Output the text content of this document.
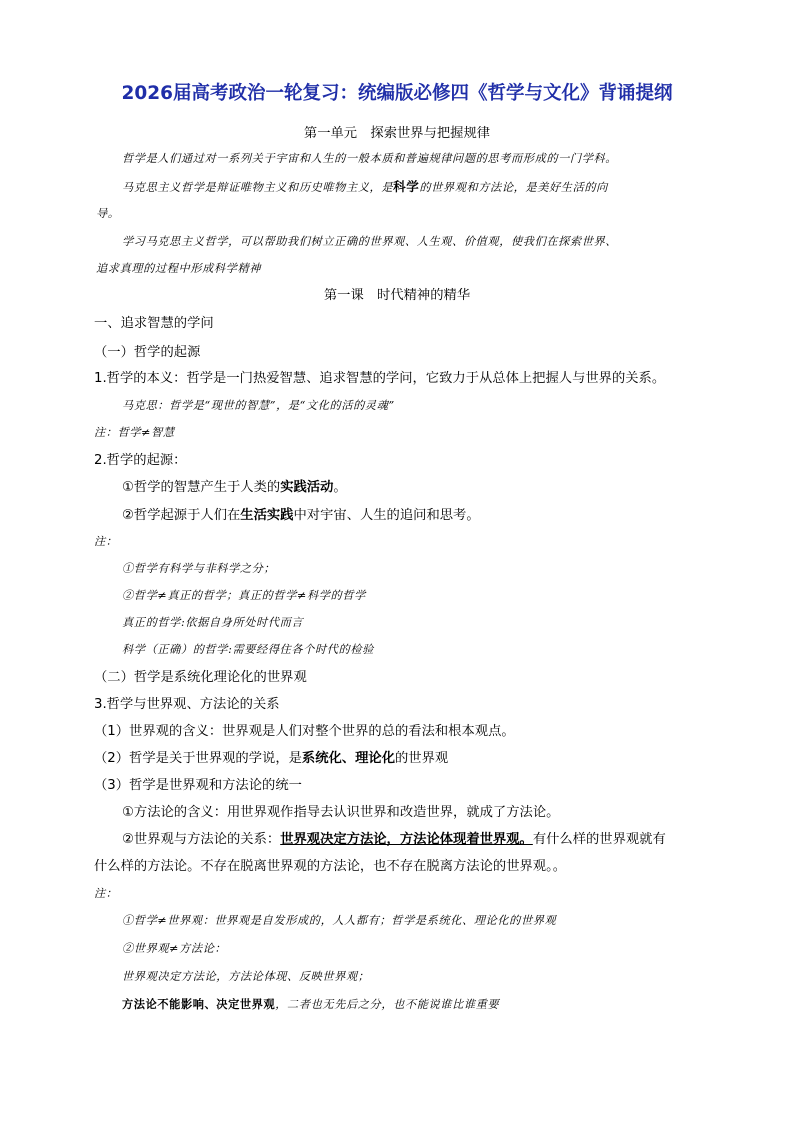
2026届高考政治一轮复习：统编版必修四《哲学与文化》背诵提纲
第一单元　探索世界与把握规律
哲学是人们通过对一系列关于宇宙和人生的一般本质和普遍规律问题的思考而形成的一门学科。
马克思主义哲学是辩证唯物主义和历史唯物主义，是科学的世界观和方法论，是美好生活的向
导。
学习马克思主义哲学，可以帮助我们树立正确的世界观、人生观、价值观，使我们在探索世界、
追求真理的过程中形成科学精神
第一课　时代精神的精华
一、追求智慧的学问
（一）哲学的起源
1.哲学的本义：哲学是一门热爱智慧、追求智慧的学问，它致力于从总体上把握人与世界的关系。
马克思：哲学是“现世的智慧”，是“文化的活的灵魂”
注：哲学≠智慧
2.哲学的起源：
①哲学的智慧产生于人类的实践活动。
②哲学起源于人们在生活实践中对宇宙、人生的追问和思考。
注：
①哲学有科学与非科学之分；
②哲学≠真正的哲学；真正的哲学≠科学的哲学
真正的哲学:依据自身所处时代而言
科学（正确）的哲学:需要经得住各个时代的检验
（二）哲学是系统化理论化的世界观
3.哲学与世界观、方法论的关系
（1）世界观的含义：世界观是人们对整个世界的总的看法和根本观点。
（2）哲学是关于世界观的学说，是系统化、理论化的世界观
（3）哲学是世界观和方法论的统一
①方法论的含义：用世界观作指导去认识世界和改造世界，就成了方法论。
②世界观与方法论的关系：世界观决定方法论，方法论体现着世界观。有什么样的世界观就有
什么样的方法论。不存在脱离世界观的方法论，也不存在脱离方法论的世界观。。
注：
①哲学≠世界观：世界观是自发形成的，人人都有；哲学是系统化、理论化的世界观
②世界观≠方法论：
世界观决定方法论，方法论体现、反映世界观；
方法论不能影响、决定世界观，二者也无先后之分，也不能说谁比谁重要
